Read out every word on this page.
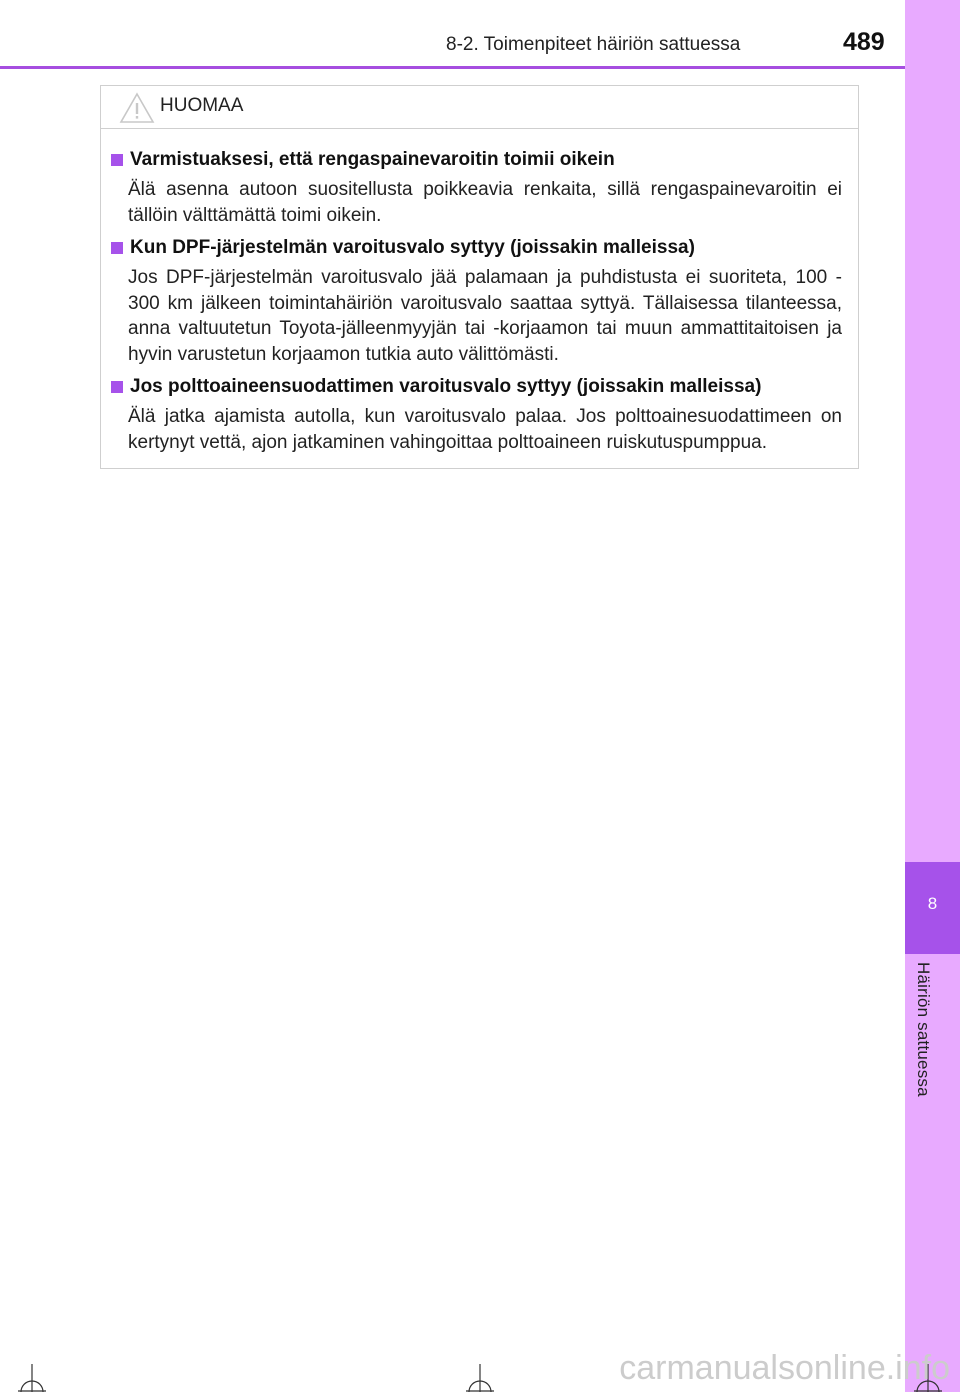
8-2. Toimenpiteet häiriön sattuessa	489
8
Häiriön sattuessa
HUOMAA
Varmistuaksesi, että rengaspainevaroitin toimii oikein
Älä asenna autoon suositellusta poikkeavia renkaita, sillä rengaspainevaroitin ei tällöin välttämättä toimi oikein.
Kun DPF-järjestelmän varoitusvalo syttyy (joissakin malleissa)
Jos DPF-järjestelmän varoitusvalo jää palamaan ja puhdistusta ei suoriteta, 100 - 300 km jälkeen toimintahäiriön varoitusvalo saattaa syttyä. Tällaisessa tilanteessa, anna valtuutetun Toyota-jälleenmyyjän tai -korjaamon tai muun ammattitaitoisen ja hyvin varustetun korjaamon tutkia auto välittömästi.
Jos polttoaineensuodattimen varoitusvalo syttyy (joissakin malleissa)
Älä jatka ajamista autolla, kun varoitusvalo palaa. Jos polttoainesuodattimeen on kertynyt vettä, ajon jatkaminen vahingoittaa polttoaineen ruiskutuspumppua.
carmanualsonline.info
